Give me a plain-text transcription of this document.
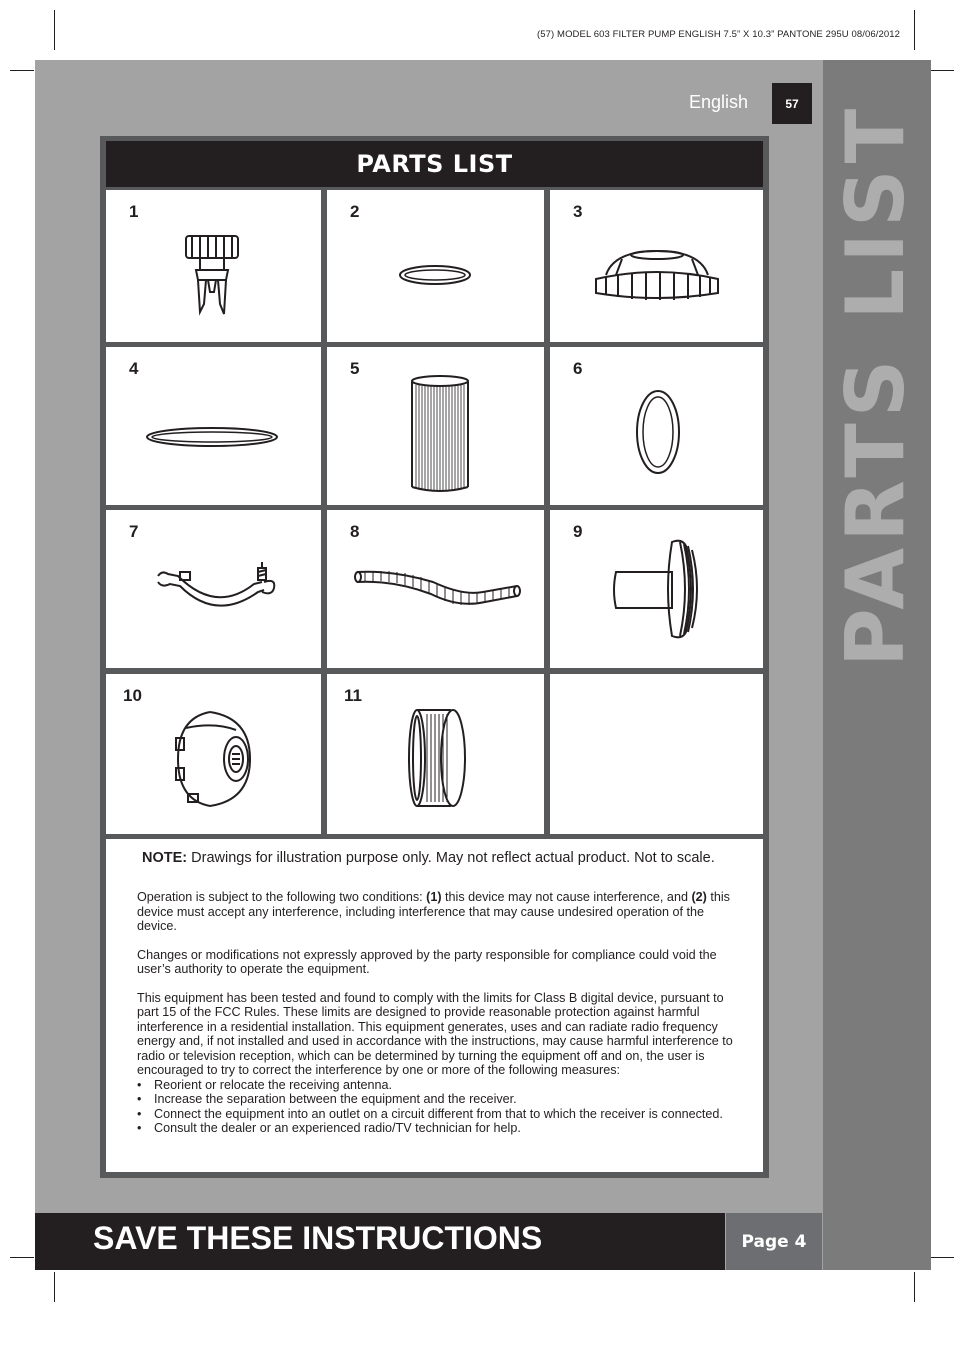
(57) MODEL 603 FILTER PUMP ENGLISH 7.5” X 10.3” PANTONE 295U 08/06/2012
PARTS LIST
English	57
PARTS LIST
1	2	3
4	5	6
7	8	9
10	11
NOTE: Drawings for illustration purpose only. May not reflect actual product. Not to scale.

Operation is subject to the following two conditions: (1) this device may not cause interference, and (2) this device must accept any interference, including interference that may cause undesired operation of the device.

Changes or modifications not expressly approved by the party responsible for compliance could void the user’s authority to operate the equipment.

This equipment has been tested and found to comply with the limits for Class B digital device, pursuant to part 15 of the FCC Rules. These limits are designed to provide reasonable protection against harmful interference in a residential installation. This equipment generates, uses and can radiate radio frequency energy and, if not installed and used in accordance with the instructions, may cause harmful interference to radio or television reception, which can be determined by turning the equipment off and on, the user is encouraged to try to correct the interference by one or more of the following measures:

• Reorient or relocate the receiving antenna.
• Increase the separation between the equipment and the receiver.
• Connect the equipment into an outlet on a circuit different from that to which the receiver is connected.
• Consult the dealer or an experienced radio/TV technician for help.
SAVE THESE INSTRUCTIONS	Page 4
